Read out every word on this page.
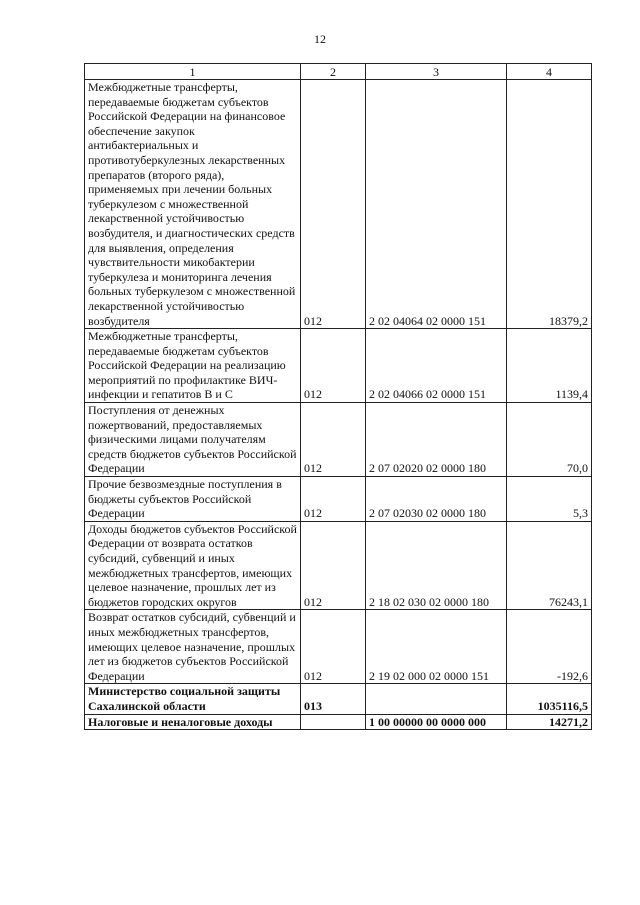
12
1	2	3	4
Межбюджетные трансферты, передаваемые бюджетам субъектов Российской Федерации на финансовое обеспечение закупок антибактериальных и противотуберкулезных лекарственных препаратов (второго ряда), применяемых при лечении больных туберкулезом с множественной лекарственной устойчивостью возбудителя, и диагностических средств для выявления, определения чувствительности микобактерии туберкулеза и мониторинга лечения больных туберкулезом с множественной лекарственной устойчивостью возбудителя	012	2 02 04064 02 0000 151	18379,2
Межбюджетные трансферты, передаваемые бюджетам субъектов Российской Федерации на реализацию мероприятий по профилактике ВИЧ-инфекции и гепатитов В и С	012	2 02 04066 02 0000 151	1139,4
Поступления от денежных пожертвований, предоставляемых физическими лицами получателям средств бюджетов субъектов Российской Федерации	012	2 07 02020 02 0000 180	70,0
Прочие безвозмездные поступления в бюджеты субъектов Российской Федерации	012	2 07 02030 02 0000 180	5,3
Доходы бюджетов субъектов Российской Федерации от возврата остатков субсидий, субвенций и иных межбюджетных трансфертов, имеющих целевое назначение, прошлых лет из бюджетов городских округов	012	2 18 02 030 02 0000 180	76243,1
Возврат остатков субсидий, субвенций и иных межбюджетных трансфертов, имеющих целевое назначение, прошлых лет из бюджетов субъектов Российской Федерации	012	2 19 02 000 02 0000 151	-192,6
Министерство социальной защиты Сахалинской области	013		1035116,5
Налоговые и неналоговые доходы		1 00 00000 00 0000 000	14271,2
